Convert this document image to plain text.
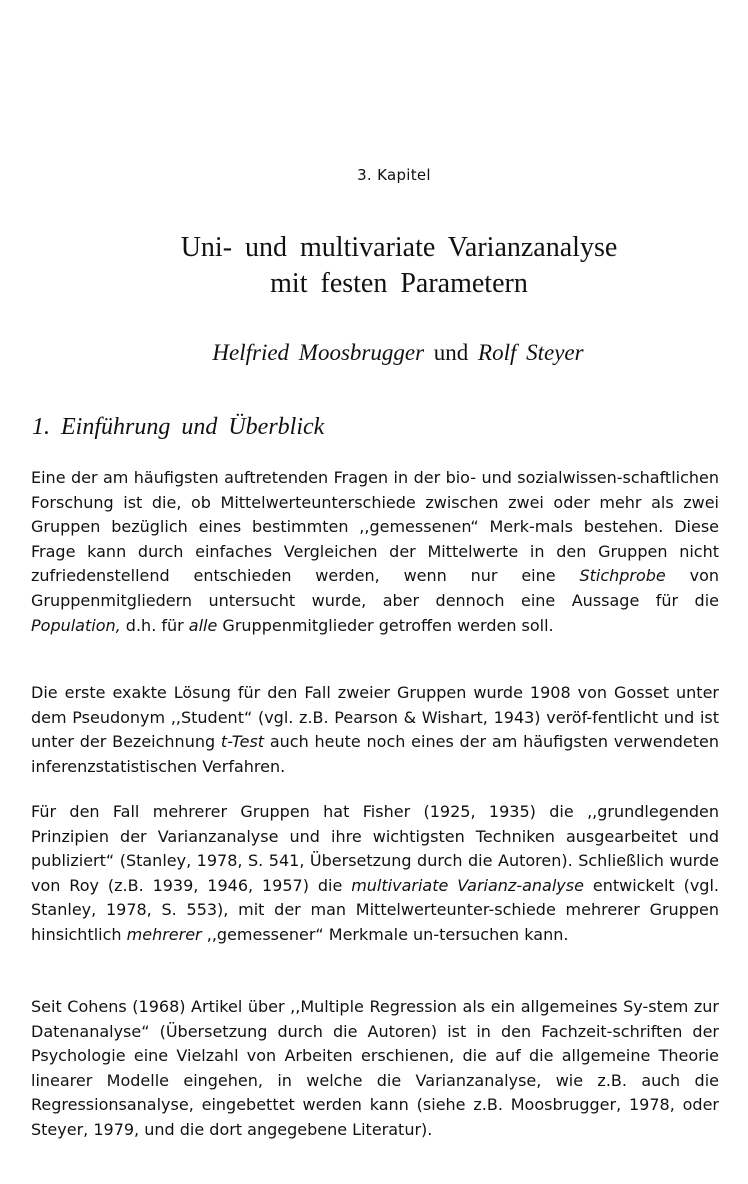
3. Kapitel
Uni- und multivariate Varianzanalyse
mit festen Parametern
Helfried Moosbrugger und Rolf Steyer
1. Einführung und Überblick

Eine der am häufigsten auftretenden Fragen in der bio- und sozialwissen-schaftlichen Forschung ist die, ob Mittelwerteunterschiede zwischen zwei oder mehr als zwei Gruppen bezüglich eines bestimmten ,,gemessenen“ Merk-mals bestehen. Diese Frage kann durch einfaches Vergleichen der Mittelwerte in den Gruppen nicht zufriedenstellend entschieden werden, wenn nur eine Stichprobe von Gruppenmitgliedern untersucht wurde, aber dennoch eine Aussage für die Population, d.h. für alle Gruppenmitglieder getroffen werden soll.

Die erste exakte Lösung für den Fall zweier Gruppen wurde 1908 von Gosset unter dem Pseudonym ,,Student“ (vgl. z.B. Pearson & Wishart, 1943) veröf-fentlicht und ist unter der Bezeichnung t-Test auch heute noch eines der am häufigsten verwendeten inferenzstatistischen Verfahren.

Für den Fall mehrerer Gruppen hat Fisher (1925, 1935) die ,,grundlegenden Prinzipien der Varianzanalyse und ihre wichtigsten Techniken ausgearbeitet und publiziert“ (Stanley, 1978, S. 541, Übersetzung durch die Autoren). Schließlich wurde von Roy (z.B. 1939, 1946, 1957) die multivariate Varianz-analyse entwickelt (vgl. Stanley, 1978, S. 553), mit der man Mittelwerteunter-schiede mehrerer Gruppen hinsichtlich mehrerer ,,gemessener“ Merkmale un-tersuchen kann.

Seit Cohens (1968) Artikel über ,,Multiple Regression als ein allgemeines Sy-stem zur Datenanalyse“ (Übersetzung durch die Autoren) ist in den Fachzeit-schriften der Psychologie eine Vielzahl von Arbeiten erschienen, die auf die allgemeine Theorie linearer Modelle eingehen, in welche die Varianzanalyse, wie z.B. auch die Regressionsanalyse, eingebettet werden kann (siehe z.B. Moosbrugger, 1978, oder Steyer, 1979, und die dort angegebene Literatur).
